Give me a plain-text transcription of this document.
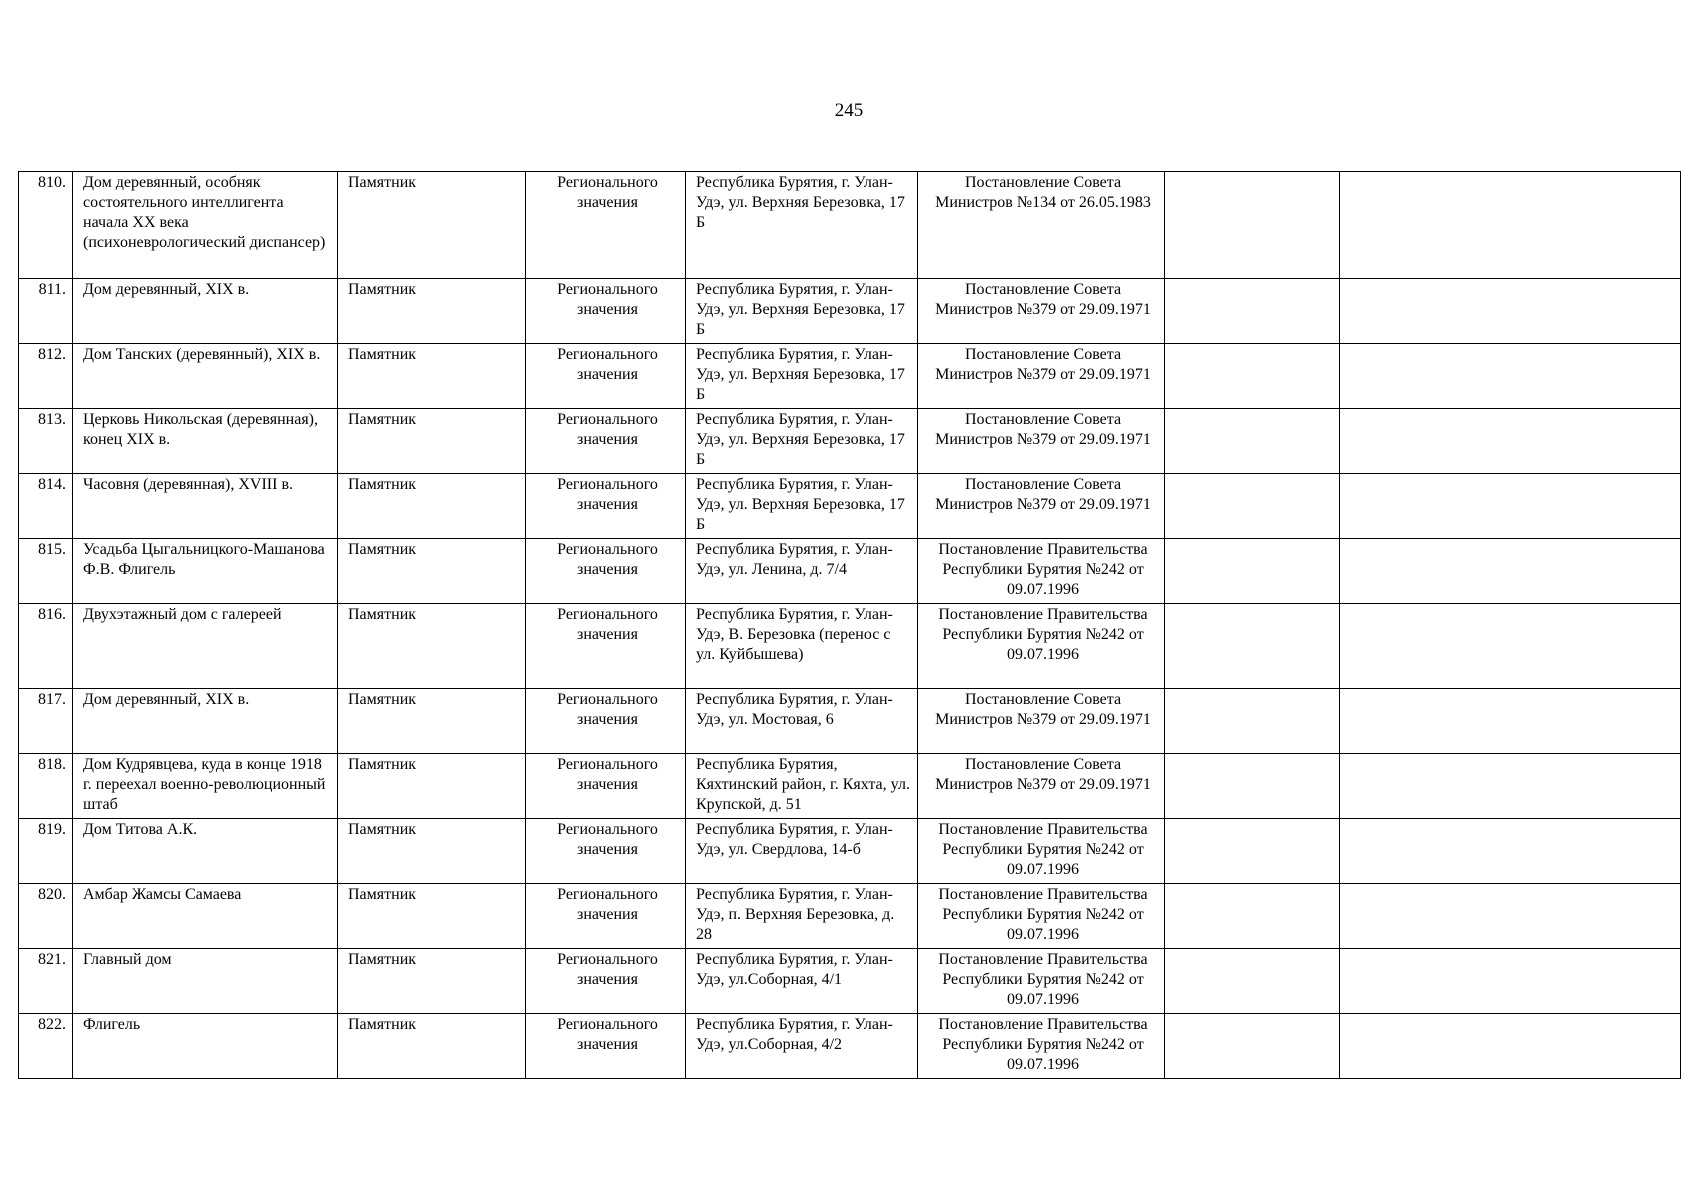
245
810.	Дом деревянный, особняк состоятельного интеллигента начала XX века (психоневрологический диспансер)	Памятник	Регионального значения	Республика Бурятия, г. Улан-Удэ, ул. Верхняя Березовка, 17 Б	Постановление Совета Министров №134 от 26.05.1983		
811.	Дом деревянный, XIX в.	Памятник	Регионального значения	Республика Бурятия, г. Улан-Удэ, ул. Верхняя Березовка, 17 Б	Постановление Совета Министров №379 от 29.09.1971		
812.	Дом Танских (деревянный), XIX в.	Памятник	Регионального значения	Республика Бурятия, г. Улан-Удэ, ул. Верхняя Березовка, 17 Б	Постановление Совета Министров №379 от 29.09.1971		
813.	Церковь Никольская (деревянная), конец XIX в.	Памятник	Регионального значения	Республика Бурятия, г. Улан-Удэ, ул. Верхняя Березовка, 17 Б	Постановление Совета Министров №379 от 29.09.1971		
814.	Часовня (деревянная), XVIII в.	Памятник	Регионального значения	Республика Бурятия, г. Улан-Удэ, ул. Верхняя Березовка, 17 Б	Постановление Совета Министров №379 от 29.09.1971		
815.	Усадьба Цыгальницкого-Машанова Ф.В. Флигель	Памятник	Регионального значения	Республика Бурятия, г. Улан-Удэ, ул. Ленина, д. 7/4	Постановление Правительства Республики Бурятия №242 от 09.07.1996		
816.	Двухэтажный дом с галереей	Памятник	Регионального значения	Республика Бурятия, г. Улан-Удэ, В. Березовка (перенос с ул. Куйбышева)	Постановление Правительства Республики Бурятия №242 от 09.07.1996		
817.	Дом деревянный, XIX в.	Памятник	Регионального значения	Республика Бурятия, г. Улан-Удэ, ул. Мостовая, 6	Постановление Совета Министров №379 от 29.09.1971		
818.	Дом Кудрявцева, куда в конце 1918 г. переехал военно-революционный штаб	Памятник	Регионального значения	Республика Бурятия, Кяхтинский район, г. Кяхта, ул. Крупской, д. 51	Постановление Совета Министров №379 от 29.09.1971		
819.	Дом Титова А.К.	Памятник	Регионального значения	Республика Бурятия, г. Улан-Удэ, ул. Свердлова, 14-б	Постановление Правительства Республики Бурятия №242 от 09.07.1996		
820.	Амбар Жамсы Самаева	Памятник	Регионального значения	Республика Бурятия, г. Улан-Удэ, п. Верхняя Березовка, д. 28	Постановление Правительства Республики Бурятия №242 от 09.07.1996		
821.	Главный дом	Памятник	Регионального значения	Республика Бурятия, г. Улан-Удэ, ул.Соборная, 4/1	Постановление Правительства Республики Бурятия №242 от 09.07.1996		
822.	Флигель	Памятник	Регионального значения	Республика Бурятия, г. Улан-Удэ, ул.Соборная, 4/2	Постановление Правительства Республики Бурятия №242 от 09.07.1996		
